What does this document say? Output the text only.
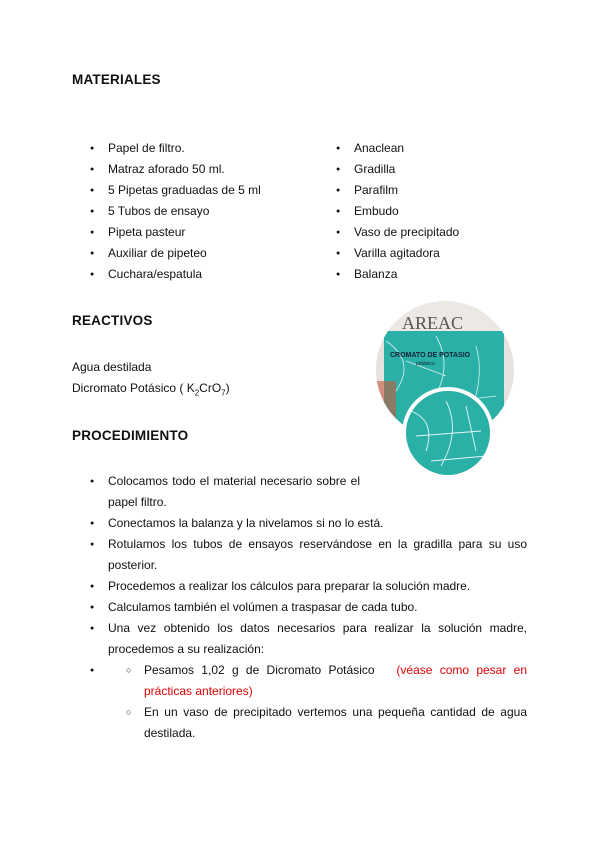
MATERIALES
● Papel de filtro.
● Matraz aforado 50 ml.
● 5 Pipetas graduadas de 5 ml
● 5 Tubos de ensayo
● Pipeta pasteur
● Auxiliar de pipeteo
● Cuchara/espatula
● Anaclean
● Gradilla
● Parafilm
● Embudo
● Vaso de precipitado
● Varilla agitadora
● Balanza
REACTIVOS
Agua destilada
Dicromato Potásico ( $K_2CrO_7$)
PROCEDIMIENTO
● Colocamos todo el material necesario sobre el papel filtro.
● Conectamos la balanza y la nivelamos si no lo está.
● Rotulamos los tubos de ensayos reservándose en la gradilla para su uso posterior.
● Procedemos a realizar los cálculos para preparar la solución madre.
● Calculamos también el volúmen a traspasar de cada tubo.
● Una vez obtenido los datos necesarios para realizar la solución madre, procedemos a su realización:
○ ● Pesamos 1,02 g de Dicromato Potásico (véase como pesar en prácticas anteriores)
○ En un vaso de precipitado vertemos una pequeña cantidad de agua destilada.
AREAC
CROMATO DE POTASIO
potásico
